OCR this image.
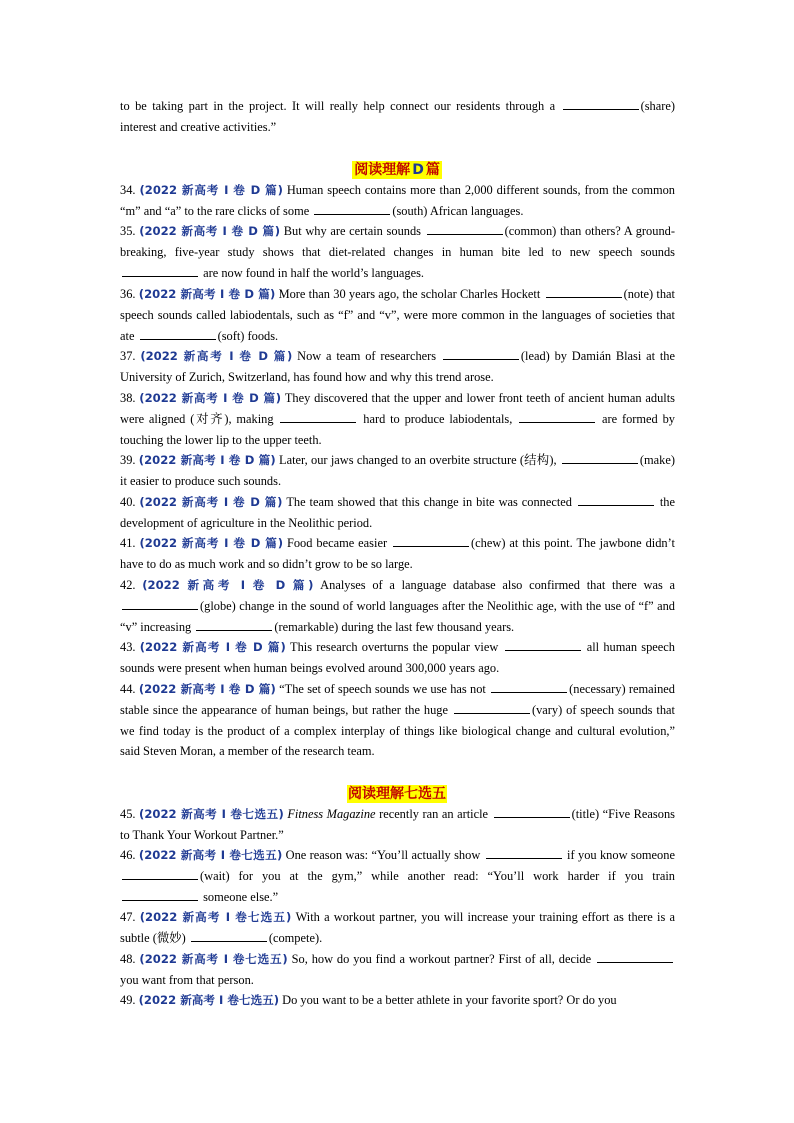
to be taking part in the project. It will really help connect our residents through a	(share) interest and creative activities.”

阅读理解 D 篇

34. (2022 新高考 I 卷 D 篇) Human speech contains more than 2,000 different sounds, from the common “m” and “a” to the rare clicks of some	(south) African languages.

35. (2022 新高考 I 卷 D 篇) But why are certain sounds	(common) than others? A ground-breaking, five-year study shows that diet-related changes in human bite led to new speech sounds  are now found in half the world’s languages.

36. (2022 新高考 I 卷 D 篇) More than 30 years ago, the scholar Charles Hockett	(note) that speech sounds called labiodentals, such as “f” and “v”, were more common in the languages of societies that ate	(soft) foods.

37. (2022 新高考 I 卷 D 篇) Now a team of researchers	(lead) by Damián Blasi at the University of Zurich, Switzerland, has found how and why this trend arose.

38. (2022 新高考 I 卷 D 篇) They discovered that the upper and lower front teeth of ancient human adults were aligned (对齐), making	hard to produce labiodentals,	are formed by touching the lower lip to the upper teeth.

39. (2022 新高考 I 卷 D 篇) Later, our jaws changed to an overbite structure (结构),	(make) it easier to produce such sounds.

40. (2022 新高考 I 卷 D 篇) The team showed that this change in bite was connected	the development of agriculture in the Neolithic period.

41. (2022 新高考 I 卷 D 篇) Food became easier	(chew) at this point. The jawbone didn’t have to do as much work and so didn’t grow to be so large.

42. (2022 新高考 I 卷 D 篇) Analyses of a language database also confirmed that there was a (globe) change in the sound of world languages after the Neolithic age, with the use of “f” and “v” increasing	(remarkable) during the last few thousand years.

43. (2022 新高考 I 卷 D 篇) This research overturns the popular view	all human speech sounds were present when human beings evolved around 300,000 years ago.

44. (2022 新高考 I 卷 D 篇) “The set of speech sounds we use has not	(necessary) remained stable since the appearance of human beings, but rather the huge	(vary) of speech sounds that we find today is the product of a complex interplay of things like biological change and cultural evolution,” said Steven Moran, a member of the research team.

阅读理解七选五

45. (2022 新高考 I 卷七选五) Fitness Magazine recently ran an article	(title) “Five Reasons to Thank Your Workout Partner.”

46. (2022 新高考 I 卷七选五) One reason was: “You’ll actually show	if you know someone (wait) for you at the gym,” while another read: “You’ll work harder if you train  someone else.”

47. (2022 新高考 I 卷七选五) With a workout partner, you will increase your training effort as there is a subtle (微妙)	(compete).

48. (2022 新高考 I 卷七选五) So, how do you find a workout partner? First of all, decide  you want from that person.

49. (2022 新高考 I 卷七选五) Do you want to be a better athlete in your favorite sport? Or do you
